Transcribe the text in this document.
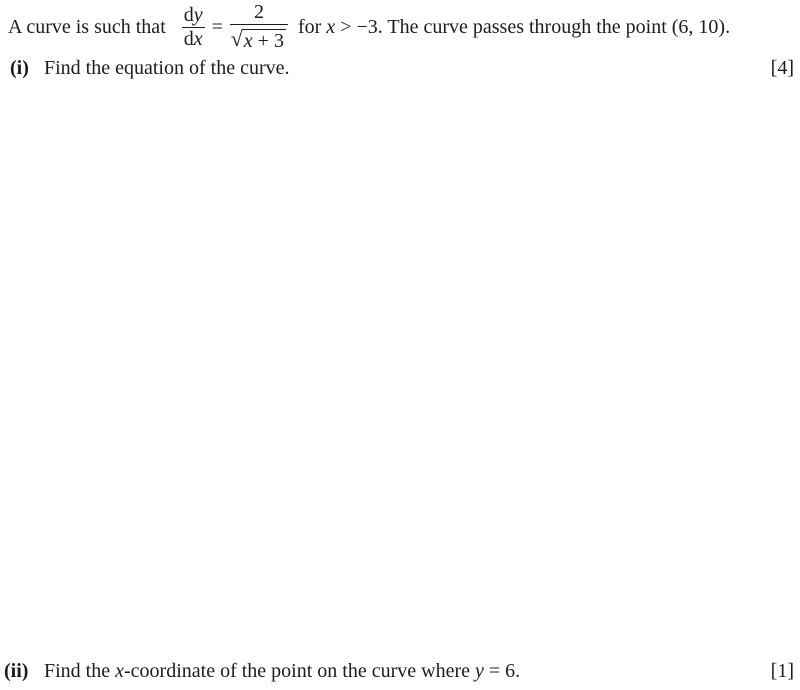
A curve is such that $\frac{dy}{dx} = \frac{2}{√ x + 3}$ for x > −3. The curve passes through the point (6, 10).
(i) Find the equation of the curve.	[4]
(ii) Find the x -coordinate of the point on the curve where y = 6.	[1]
